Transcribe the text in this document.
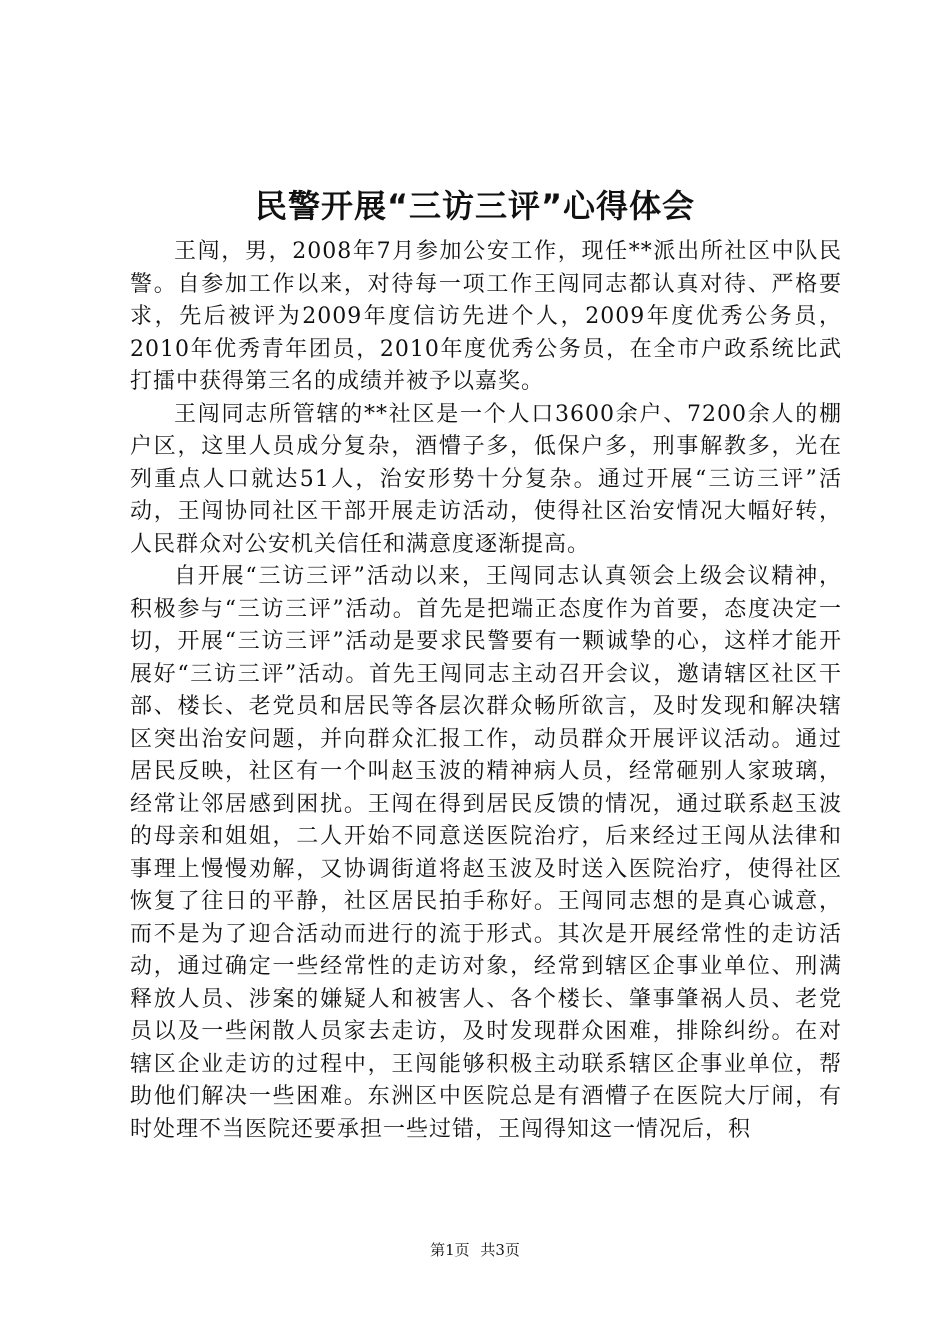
民警开展“三访三评”心得体会

王闯，男，2008年7月参加公安工作，现任**派出所社区中队民警。自参加工作以来，对待每一项工作王闯同志都认真对待、严格要求，先后被评为2009年度信访先进个人，2009年度优秀公务员，2010年优秀青年团员，2010年度优秀公务员，在全市户政系统比武打擂中获得第三名的成绩并被予以嘉奖。

王闯同志所管辖的**社区是一个人口3600余户、7200余人的棚户区，这里人员成分复杂，酒懵子多，低保户多，刑事解教多，光在列重点人口就达51人，治安形势十分复杂。通过开展“三访三评”活动，王闯协同社区干部开展走访活动，使得社区治安情况大幅好转，人民群众对公安机关信任和满意度逐渐提高。

自开展“三访三评”活动以来，王闯同志认真领会上级会议精神，积极参与“三访三评”活动。首先是把端正态度作为首要，态度决定一切，开展“三访三评”活动是要求民警要有一颗诚挚的心，这样才能开展好“三访三评”活动。首先王闯同志主动召开会议，邀请辖区社区干部、楼长、老党员和居民等各层次群众畅所欲言，及时发现和解决辖区突出治安问题，并向群众汇报工作，动员群众开展评议活动。通过居民反映，社区有一个叫赵玉波的精神病人员，经常砸别人家玻璃，经常让邻居感到困扰。王闯在得到居民反馈的情况，通过联系赵玉波的母亲和姐姐，二人开始不同意送医院治疗，后来经过王闯从法律和事理上慢慢劝解，又协调街道将赵玉波及时送入医院治疗，使得社区恢复了往日的平静，社区居民拍手称好。王闯同志想的是真心诚意，而不是为了迎合活动而进行的流于形式。其次是开展经常性的走访活动，通过确定一些经常性的走访对象，经常到辖区企事业单位、刑满释放人员、涉案的嫌疑人和被害人、各个楼长、肇事肇祸人员、老党员以及一些闲散人员家去走访，及时发现群众困难，排除纠纷。在对辖区企业走访的过程中，王闯能够积极主动联系辖区企事业单位，帮助他们解决一些困难。东洲区中医院总是有酒懵子在医院大厅闹，有时处理不当医院还要承担一些过错，王闯得知这一情况后，积

第1页 共3页
